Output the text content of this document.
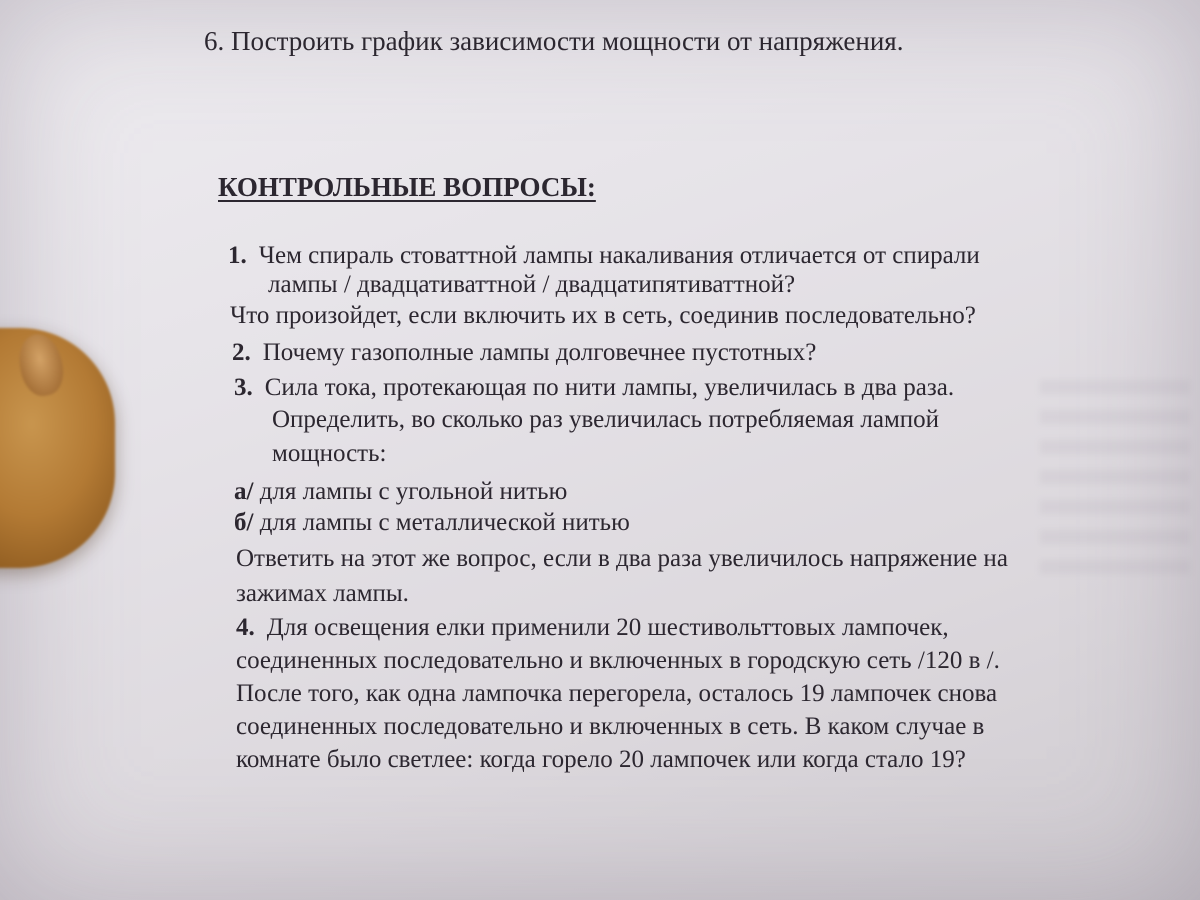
6. Построить график зависимости мощности от напряжения.
КОНТРОЛЬНЫЕ ВОПРОСЫ:
1. Чем спираль стоваттной лампы накаливания отличается от спирали
лампы / двадцативаттной / двадцатипятиваттной?
Что произойдет, если включить их в сеть, соединив последовательно?
2. Почему газополные лампы долговечнее пустотных?
3. Сила тока, протекающая по нити лампы, увеличилась в два раза.
Определить, во сколько раз увеличилась потребляемая лампой
мощность:
а/ для лампы с угольной нитью
б/ для лампы с металлической нитью
Ответить на этот же вопрос, если в два раза увеличилось напряжение на
зажимах лампы.
4. Для освещения елки применили 20 шестивольттовых лампочек,
соединенных последовательно и включенных в городскую сеть /120 в /.
После того, как одна лампочка перегорела, осталось 19 лампочек снова
соединенных последовательно и включенных в сеть. В каком случае в
комнате было светлее: когда горело 20 лампочек или когда стало 19?
